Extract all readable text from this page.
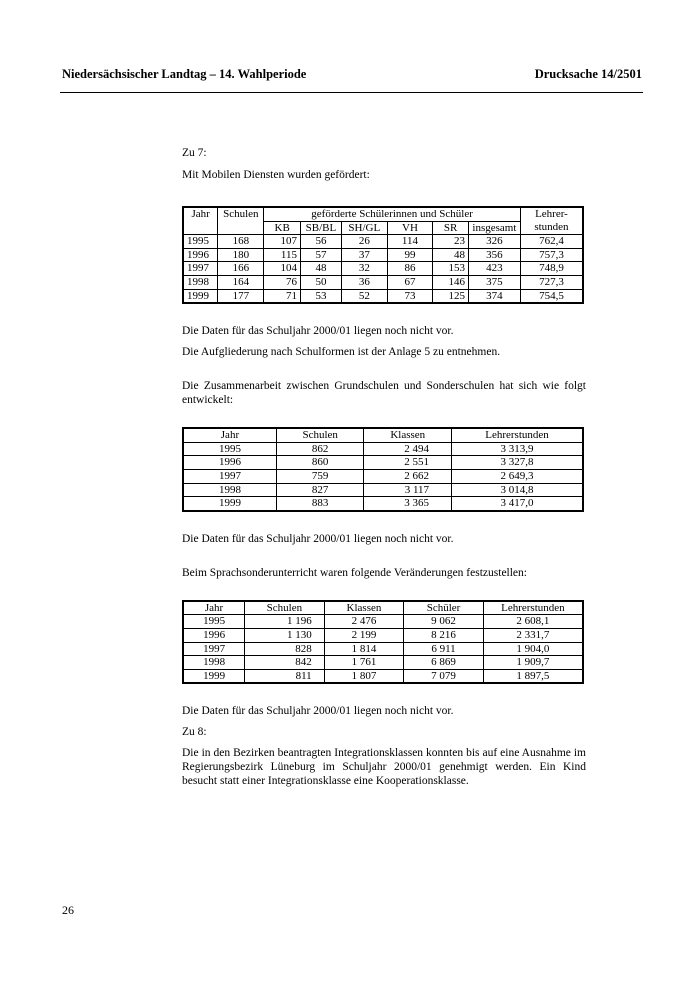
Niedersächsischer Landtag – 14. Wahlperiode	Drucksache 14/2501

Zu 7:

Mit Mobilen Diensten wurden gefördert:

Jahr	Schulen	geförderte Schülerinnen und Schüler						Lehrer-
		KB	SB/BL	SH/GL	VH	SR	insgesamt	stunden
1995	168	107	56	26	114	23	326	762,4
1996	180	115	57	37	99	48	356	757,3
1997	166	104	48	32	86	153	423	748,9
1998	164	76	50	36	67	146	375	727,3
1999	177	71	53	52	73	125	374	754,5

Die Daten für das Schuljahr 2000/01 liegen noch nicht vor.

Die Aufgliederung nach Schulformen ist der Anlage 5 zu entnehmen.

Die Zusammenarbeit zwischen Grundschulen und Sonderschulen hat sich wie folgt entwickelt:

Jahr	Schulen	Klassen	Lehrerstunden
1995	862	2 494	3 313,9
1996	860	2 551	3 327,8
1997	759	2 662	2 649,3
1998	827	3 117	3 014,8
1999	883	3 365	3 417,0

Die Daten für das Schuljahr 2000/01 liegen noch nicht vor.

Beim Sprachsonderunterricht waren folgende Veränderungen festzustellen:

Jahr	Schulen	Klassen	Schüler	Lehrerstunden
1995	1 196	2 476	9 062	2 608,1
1996	1 130	2 199	8 216	2 331,7
1997	828	1 814	6 911	1 904,0
1998	842	1 761	6 869	1 909,7
1999	811	1 807	7 079	1 897,5

Die Daten für das Schuljahr 2000/01 liegen noch nicht vor.

Zu 8:

Die in den Bezirken beantragten Integrationsklassen konnten bis auf eine Ausnahme im Regierungsbezirk Lüneburg im Schuljahr 2000/01 genehmigt werden. Ein Kind besucht statt einer Integrationsklasse eine Kooperationsklasse.

26
